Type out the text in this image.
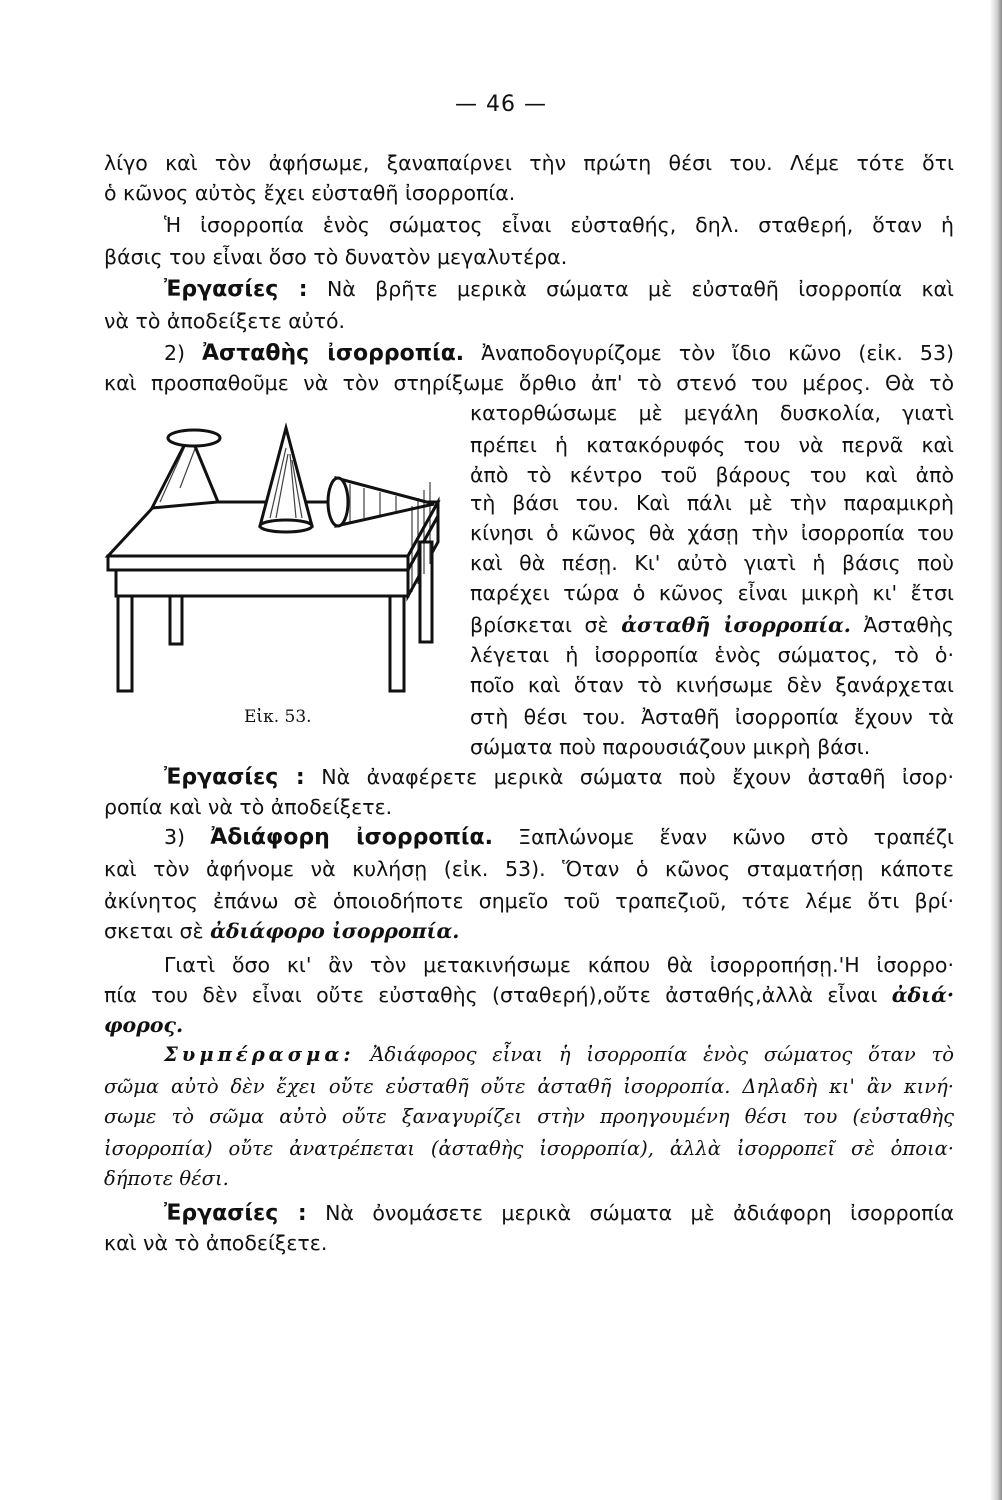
— 46 —
λίγο καὶ τὸν ἀφήσωμε, ξαναπαίρνει τὴν πρώτη θέσι του. Λέμε τότε ὅτι
ὁ κῶνος αὐτὸς ἔχει εὐσταθῆ ἰσορροπία.
Ἡ ἰσορροπία ἑνὸς σώματος εἶναι εὐσταθής, δηλ. σταθερή, ὅταν ἡ
βάσις του εἶναι ὅσο τὸ δυνατὸν μεγαλυτέρα.
Ἐργασίες : Νὰ βρῆτε μερικὰ σώματα μὲ εὐσταθῆ ἰσορροπία καὶ
νὰ τὸ ἀποδείξετε αὐτό.
2) Ἀσταθὴς ἰσορροπία. Ἀναποδογυρίζομε τὸν ἴδιο κῶνο (εἰκ. 53)
καὶ προσπαθοῦμε νὰ τὸν στηρίξωμε ὄρθιο ἀπ' τὸ στενό του μέρος. Θὰ τὸ
κατορθώσωμε μὲ μεγάλη δυσκολία, γιατὶ
πρέπει ἡ κατακόρυφός του νὰ περνᾶ καὶ
ἀπὸ τὸ κέντρο τοῦ βάρους του καὶ ἀπὸ
τὴ βάσι του. Καὶ πάλι μὲ τὴν παραμικρὴ
κίνησι ὁ κῶνος θὰ χάσῃ τὴν ἰσορροπία του
καὶ θὰ πέσῃ. Κι' αὐτὸ γιατὶ ἡ βάσις ποὺ
παρέχει τώρα ὁ κῶνος εἶναι μικρὴ κι' ἔτσι
βρίσκεται σὲ ἀσταθῆ ἰσορροπία. Ἀσταθὴς
λέγεται ἡ ἰσορροπία ἑνὸς σώματος, τὸ ὁ·
ποῖο καὶ ὅταν τὸ κινήσωμε δὲν ξανάρχεται
στὴ θέσι του. Ἀσταθῆ ἰσορροπία ἔχουν τὰ
σώματα ποὺ παρουσιάζουν μικρὴ βάσι.
Εἰκ. 53.
Ἐργασίες : Νὰ ἀναφέρετε μερικὰ σώματα ποὺ ἔχουν ἀσταθῆ ἰσορ·
ροπία καὶ νὰ τὸ ἀποδείξετε.
3) Ἀδιάφορη ἰσορροπία. Ξαπλώνομε ἕναν κῶνο στὸ τραπέζι
καὶ τὸν ἀφήνομε νὰ κυλήσῃ (εἰκ. 53). Ὅταν ὁ κῶνος σταματήσῃ κάποτε
ἀκίνητος ἐπάνω σὲ ὁποιοδήποτε σημεῖο τοῦ τραπεζιοῦ, τότε λέμε ὅτι βρί·
σκεται σὲ ἀδιάφορο ἰσορροπία.
Γιατὶ ὅσο κι' ἂν τὸν μετακινήσωμε κάπου θὰ ἰσορροπήσῃ.'Η ἰσορρο·
πία του δὲν εἶναι οὔτε εὐσταθὴς (σταθερή),οὔτε ἀσταθής,ἀλλὰ εἶναι ἀδιά·
φορος.
Συμπέρασμα: Ἀδιάφορος εἶναι ἡ ἰσορροπία ἑνὸς σώματος ὅταν τὸ
σῶμα αὐτὸ δὲν ἔχει οὔτε εὐσταθῆ οὔτε ἀσταθῆ ἰσορροπία. Δηλαδὴ κι' ἂν κινή·
σωμε τὸ σῶμα αὐτὸ οὔτε ξαναγυρίζει στὴν προηγουμένη θέσι του (εὐσταθὴς
ἰσορροπία) οὔτε ἀνατρέπεται (ἀσταθὴς ἰσορροπία), ἀλλὰ ἰσορροπεῖ σὲ ὁποια·
δήποτε θέσι.
Ἐργασίες : Νὰ ὀνομάσετε μερικὰ σώματα μὲ ἀδιάφορη ἰσορροπία
καὶ νὰ τὸ ἀποδείξετε.
